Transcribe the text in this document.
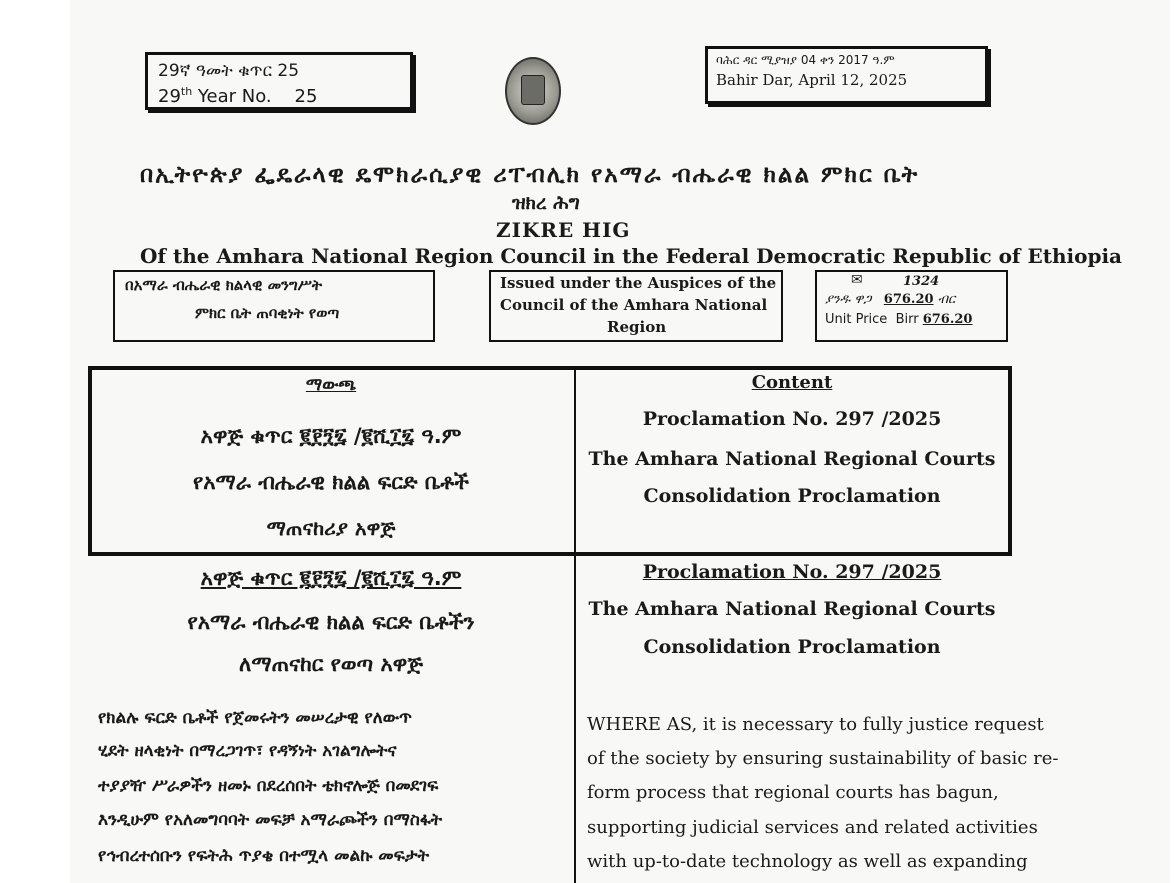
29ኛ ዓመት ቁጥር 25
29th Year No.    25
ባሕር ዳር ሚያዝያ 04 ቀን 2017 ዓ.ም
Bahir Dar, April 12, 2025
በኢትዮጵያ ፌዴራላዊ ዴሞክራሲያዊ ሪፐብሊክ የአማራ ብሔራዊ ክልል ምክር ቤት
ዝክረ ሕግ
ZIKRE HIG
Of the Amhara National Region Council in the Federal Democratic Republic of Ethiopia
በአማራ ብሔራዊ ክልላዊ መንግሥት
ምክር ቤት ጠባቂነት የወጣ
Issued under the Auspices of the
Council of the Amhara National
Region
✉	1324
ያንዱ ዋጋ 676.20 ብር
Unit Price  Birr 676.20
ማውጫ
አዋጅ ቁጥር ፪፻፺፯ /፪ሺ፲፯ ዓ.ም
የአማራ ብሔራዊ ክልል ፍርድ ቤቶች
ማጠናከሪያ አዋጅ
Content
Proclamation No. 297 /2025
The Amhara National Regional Courts
Consolidation Proclamation
አዋጅ ቁጥር ፪፻፺፯ /፪ሺ፲፯ ዓ.ም
የአማራ ብሔራዊ ክልል ፍርድ ቤቶችን
ለማጠናከር የወጣ አዋጅ
Proclamation No. 297 /2025
The Amhara National Regional Courts
Consolidation Proclamation
የክልሉ ፍርድ ቤቶች የጀመሩትን መሠረታዊ የለውጥ
ሂደት ዘላቂነት በማረጋገጥ፣ የዳኝነት አገልግሎትና
ተያያዥ ሥራዎችን ዘመኑ በደረሰበት ቴክኖሎጅ በመደገፍ
እንዲሁም የአለመግባባት መፍቻ አማራጮችን በማስፋት
የኅብረተሰቡን የፍትሕ ጥያቄ በተሟላ መልኩ መፍታት
WHERE AS, it is necessary to fully justice request
of the society by ensuring sustainability of basic re-
form process that regional courts has bagun,
supporting judicial services and related activities
with up-to-date technology as well as expanding
